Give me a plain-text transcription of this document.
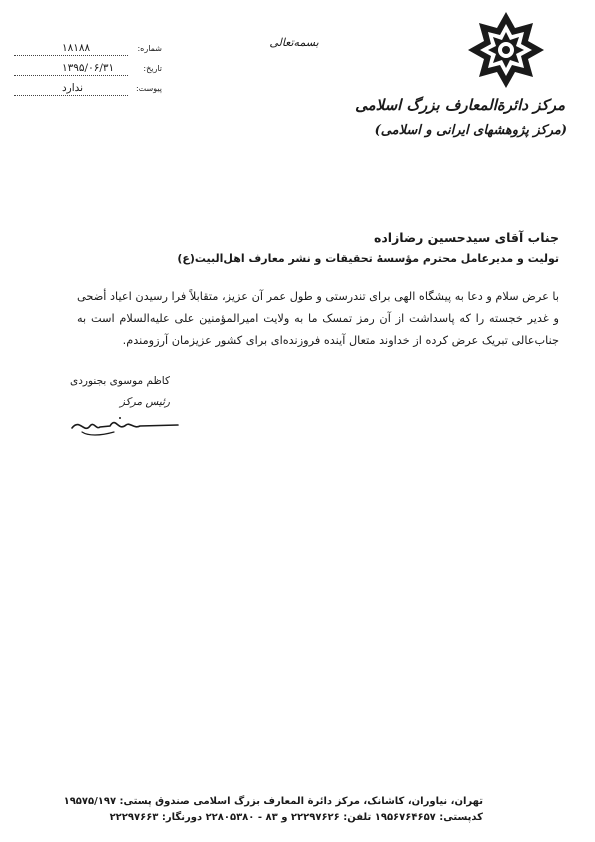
۱۸۱۸۸	شماره:
۱۳۹۵/۰۶/۳۱	تاریخ:
ندارد	پیوست:
بسمه‌تعالی
مرکز دائرةالمعارف بزرگ اسلامی
(مرکز پژوهشهای ایرانی و اسلامی)
جناب آقای سیدحسین رضازاده
تولیت و مدیرعامل محترم مؤسسهٔ تحقیقات و نشر معارف اهل‌البیت(ع)
با عرض سلام و دعا به پیشگاه الهی برای تندرستی و طول عمر آن عزیز، متقابلاً فرا رسیدن اعیاد أضحی و غدیر خجسته را که پاسداشت از آن رمز تمسک ما به ولایت امیرالمؤمنین علی علیه‌السلام است به جناب‌عالی تبریک عرض کرده از خداوند متعال آینده فروزنده‌ای برای کشور عزیزمان آرزومندم.
کاظم موسوی بجنوردی
رئیس مرکز
تهران، نیاوران، کاشانک، مرکز دائرة المعارف بزرگ اسلامی صندوق پستی: ۱۹۵۷۵/۱۹۷
کدپستی: ۱۹۵۶۷۶۴۶۵۷ تلفن: ۲۲۲۹۷۶۲۶ و ۸۳ - ۲۲۸۰۵۳۸۰ دورنگار: ۲۲۲۹۷۶۶۳
